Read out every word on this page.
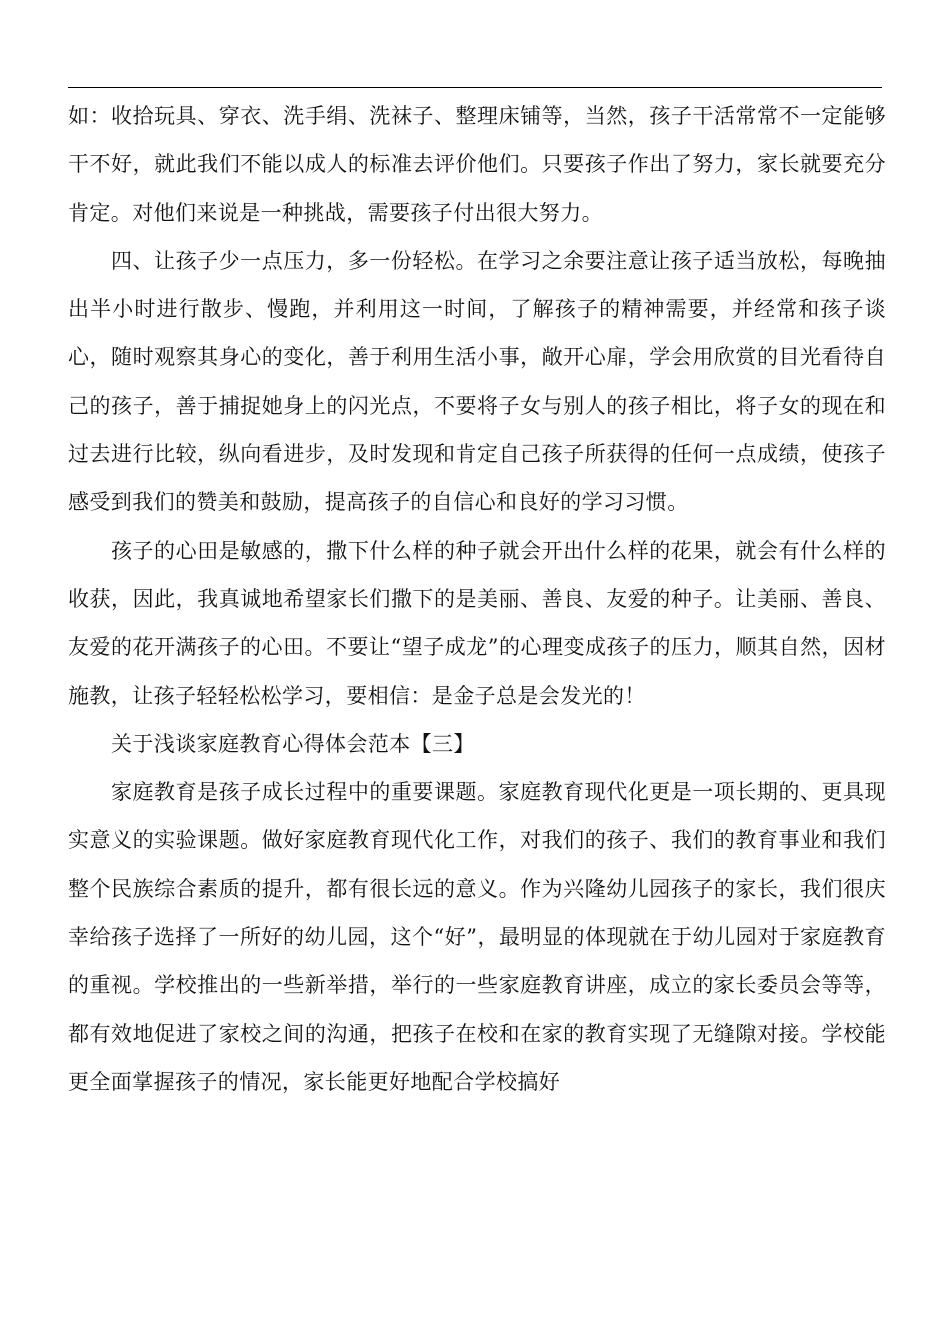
如：收拾玩具、穿衣、洗手绢、洗袜子、整理床铺等，当然，孩子干活常常不一定能够干不好，就此我们不能以成人的标准去评价他们。只要孩子作出了努力，家长就要充分肯定。对他们来说是一种挑战，需要孩子付出很大努力。

四、让孩子少一点压力，多一份轻松。在学习之余要注意让孩子适当放松，每晚抽出半小时进行散步、慢跑，并利用这一时间，了解孩子的精神需要，并经常和孩子谈心，随时观察其身心的变化，善于利用生活小事，敞开心扉，学会用欣赏的目光看待自己的孩子，善于捕捉她身上的闪光点，不要将子女与别人的孩子相比，将子女的现在和过去进行比较，纵向看进步，及时发现和肯定自己孩子所获得的任何一点成绩，使孩子感受到我们的赞美和鼓励，提高孩子的自信心和良好的学习习惯。

孩子的心田是敏感的，撒下什么样的种子就会开出什么样的花果，就会有什么样的收获，因此，我真诚地希望家长们撒下的是美丽、善良、友爱的种子。让美丽、善良、友爱的花开满孩子的心田。不要让“望子成龙”的心理变成孩子的压力，顺其自然，因材施教，让孩子轻轻松松学习，要相信：是金子总是会发光的！

关于浅谈家庭教育心得体会范本【三】

家庭教育是孩子成长过程中的重要课题。家庭教育现代化更是一项长期的、更具现实意义的实验课题。做好家庭教育现代化工作，对我们的孩子、我们的教育事业和我们整个民族综合素质的提升，都有很长远的意义。作为兴隆幼儿园孩子的家长，我们很庆幸给孩子选择了一所好的幼儿园，这个“好”，最明显的体现就在于幼儿园对于家庭教育的重视。学校推出的一些新举措，举行的一些家庭教育讲座，成立的家长委员会等等，都有效地促进了家校之间的沟通，把孩子在校和在家的教育实现了无缝隙对接。学校能更全面掌握孩子的情况，家长能更好地配合学校搞好
